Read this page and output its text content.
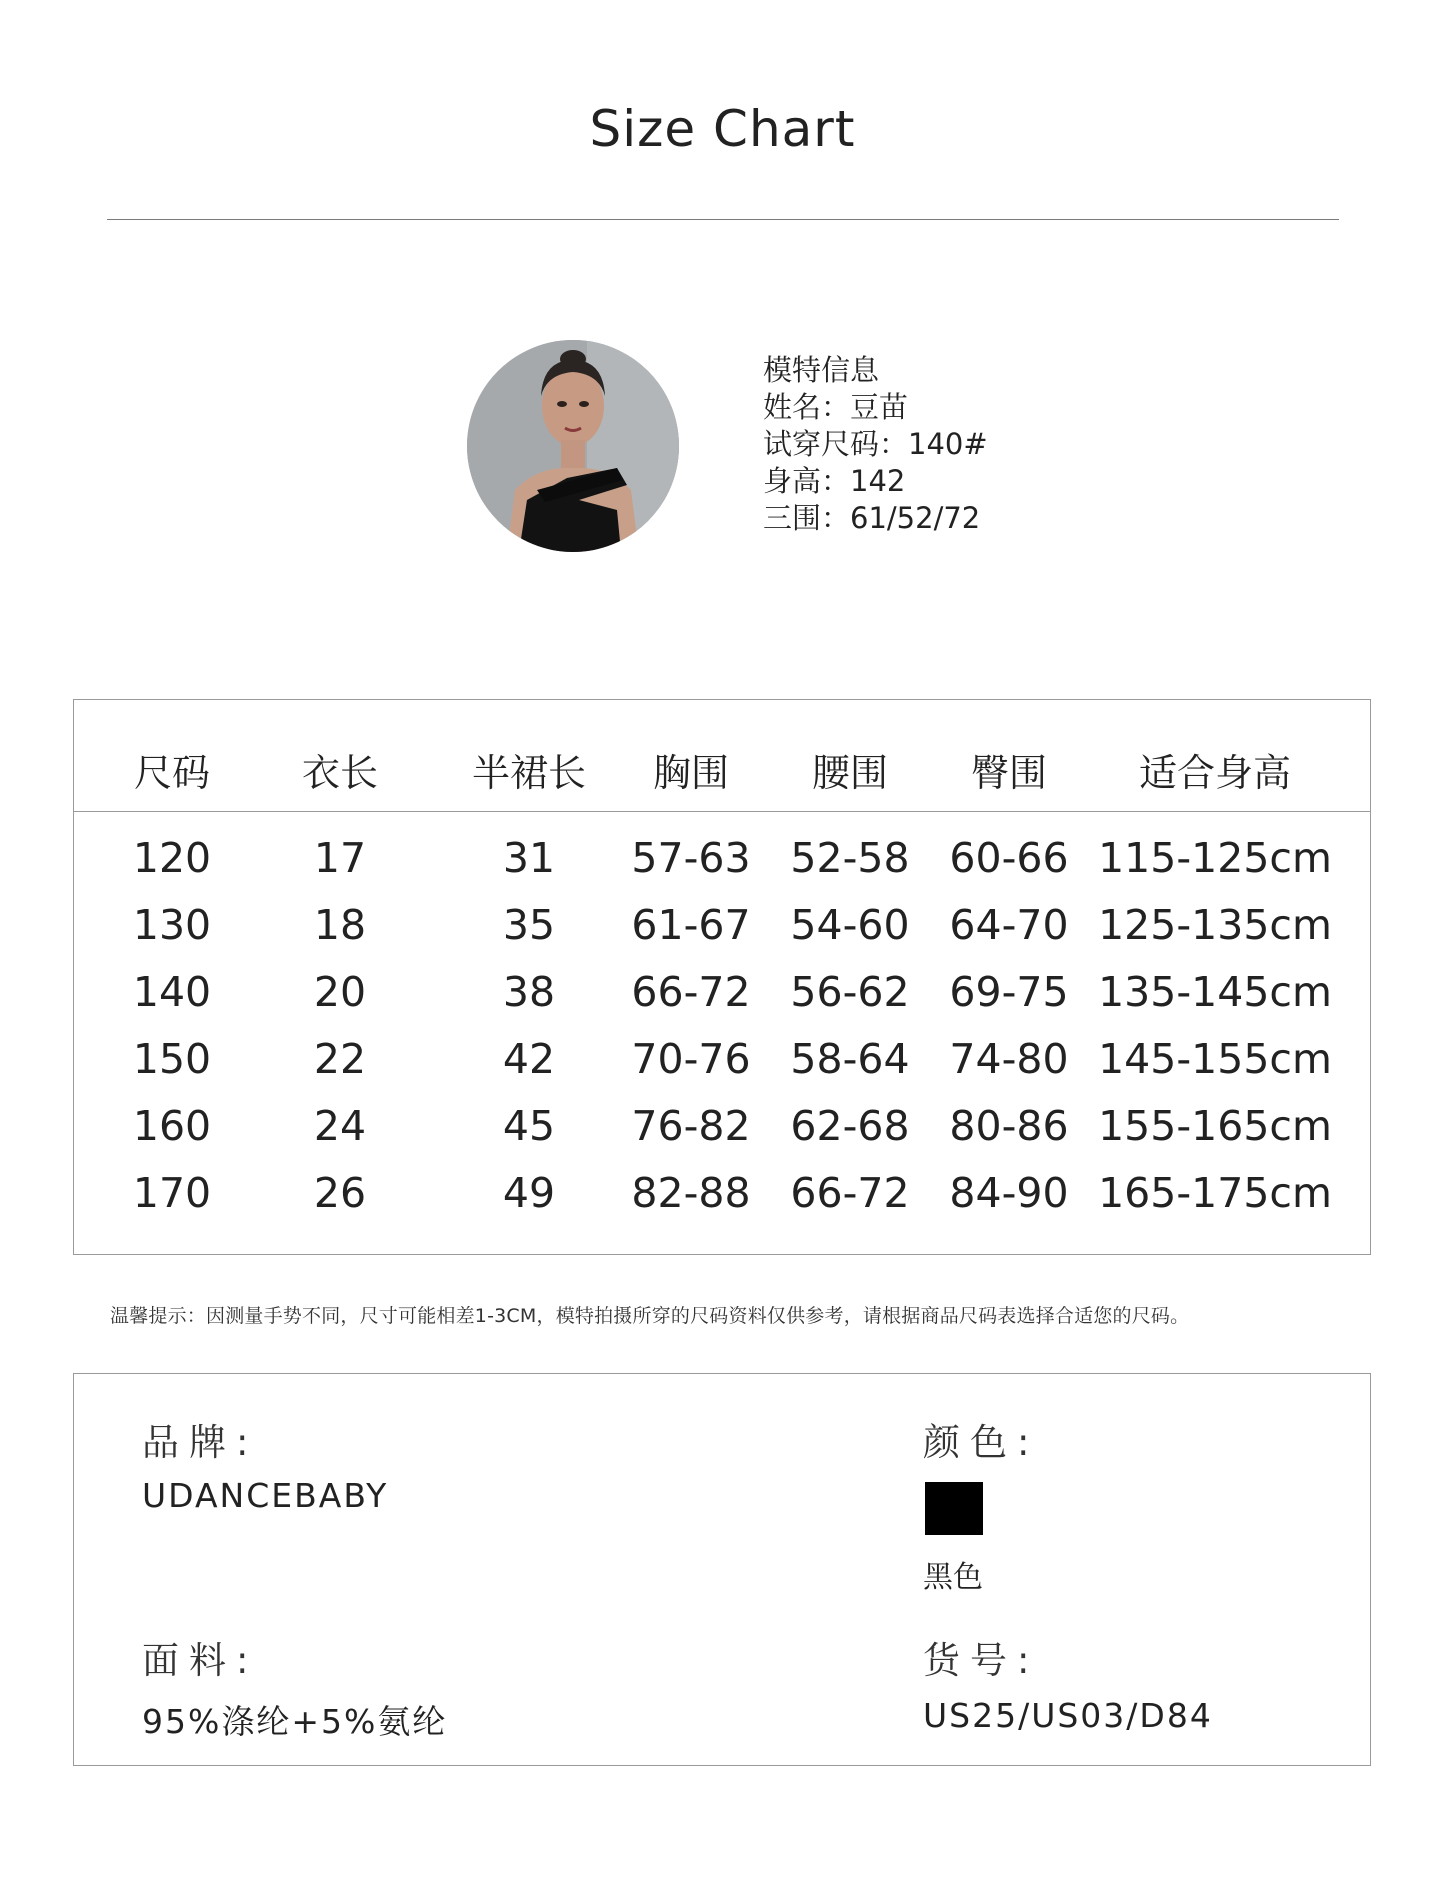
Size Chart
模特信息
姓名：豆苗
试穿尺码：140#
身高：142
三围：61/52/72
尺码 衣长 半裙长 胸围 腰围 臀围 适合身高
120	17	31 57-63 52-58 60-66 115-125cm
130	18	35 61-67 54-60 64-70 125-135cm
140	20	38 66-72 56-62 69-75 135-145cm
150	22	42 70-76 58-64 74-80 145-155cm
160	24	45 76-82 62-68 80-86 155-165cm
170	26	49 82-88 66-72 84-90 165-175cm
温馨提示：因测量手势不同，尺寸可能相差1-3CM，模特拍摄所穿的尺码资料仅供参考，请根据商品尺码表选择合适您的尺码。
品牌:
UDANCEBABY
颜色:
黑色
面料:
95%涤纶+5%氨纶
货号:
US25/US03/D84
